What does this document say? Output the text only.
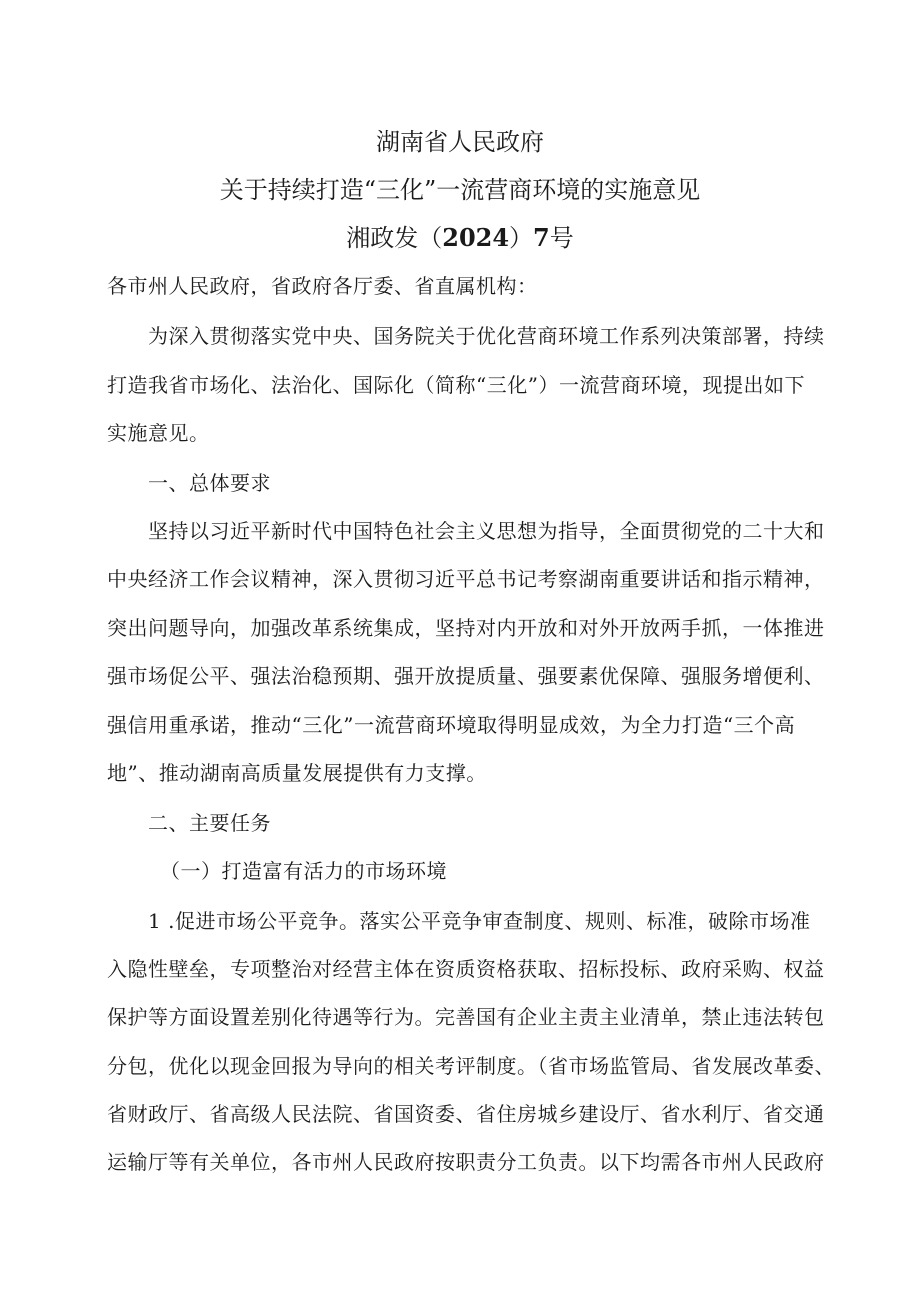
湖南省人民政府
关于持续打造“三化”一流营商环境的实施意见
湘政发（2024）7号
各市州人民政府，省政府各厅委、省直属机构：
为深入贯彻落实党中央、国务院关于优化营商环境工作系列决策部署，持续
打造我省市场化、法治化、国际化（简称“三化”）一流营商环境，现提出如下
实施意见。
一、总体要求
坚持以习近平新时代中国特色社会主义思想为指导，全面贯彻党的二十大和
中央经济工作会议精神，深入贯彻习近平总书记考察湖南重要讲话和指示精神，
突出问题导向，加强改革系统集成，坚持对内开放和对外开放两手抓，一体推进
强市场促公平、强法治稳预期、强开放提质量、强要素优保障、强服务增便利、
强信用重承诺，推动“三化”一流营商环境取得明显成效，为全力打造“三个高
地”、推动湖南高质量发展提供有力支撑。
二、主要任务
（一）打造富有活力的市场环境
1 .促进市场公平竞争。落实公平竞争审查制度、规则、标准，破除市场准
入隐性壁垒，专项整治对经营主体在资质资格获取、招标投标、政府采购、权益
保护等方面设置差别化待遇等行为。完善国有企业主责主业清单，禁止违法转包
分包，优化以现金回报为导向的相关考评制度。（省市场监管局、省发展改革委、
省财政厅、省高级人民法院、省国资委、省住房城乡建设厅、省水利厅、省交通
运输厅等有关单位，各市州人民政府按职责分工负责。以下均需各市州人民政府
